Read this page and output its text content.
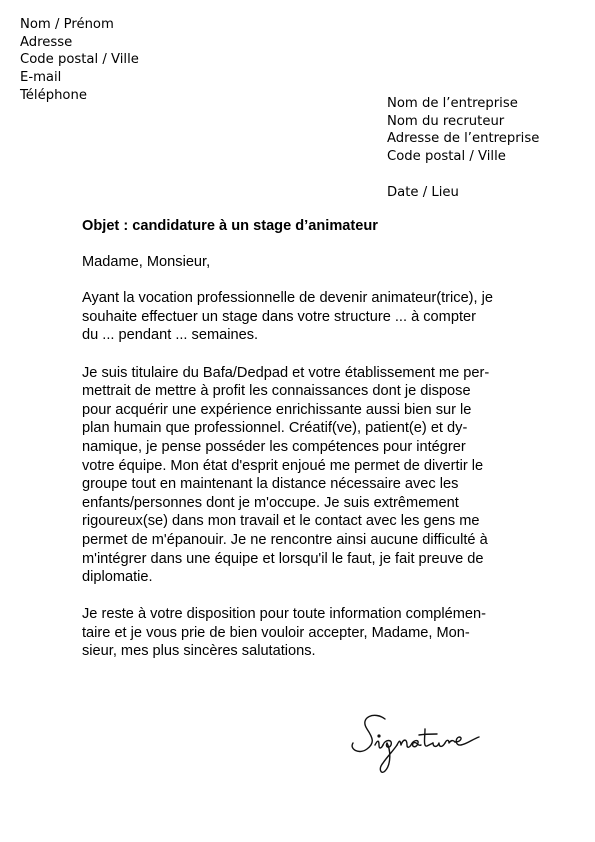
Nom / Prénom
Adresse
Code postal / Ville
E-mail
Téléphone
Nom de l’entreprise
Nom du recruteur
Adresse de l’entreprise
Code postal / Ville
Date / Lieu
Objet : candidature à un stage d’animateur
Madame, Monsieur,
Ayant la vocation professionnelle de devenir animateur(trice), je
souhaite effectuer un stage dans votre structure ... à compter
du ... pendant ... semaines.
Je suis titulaire du Bafa/Dedpad et votre établissement me per-
mettrait de mettre à profit les connaissances dont je dispose
pour acquérir une expérience enrichissante aussi bien sur le
plan humain que professionnel. Créatif(ve), patient(e) et dy-
namique, je pense posséder les compétences pour intégrer
votre équipe. Mon état d'esprit enjoué me permet de divertir le
groupe tout en maintenant la distance nécessaire avec les
enfants/personnes dont je m'occupe. Je suis extrêmement
rigoureux(se) dans mon travail et le contact avec les gens me
permet de m'épanouir. Je ne rencontre ainsi aucune difficulté à
m'intégrer dans une équipe et lorsqu'il le faut, je fait preuve de
diplomatie.
Je reste à votre disposition pour toute information complémen-
taire et je vous prie de bien vouloir accepter, Madame, Mon-
sieur, mes plus sincères salutations.
